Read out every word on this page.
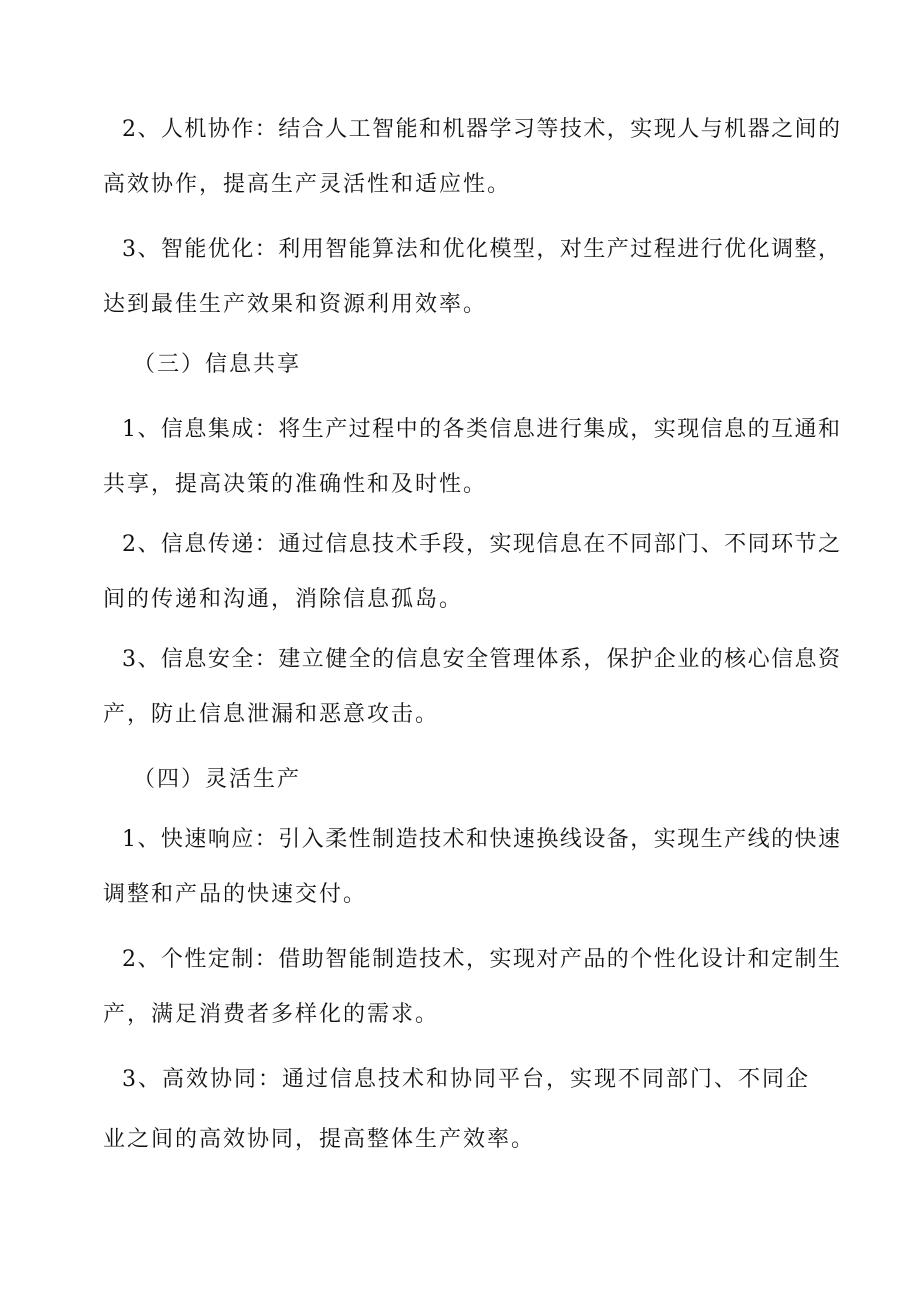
2、人机协作：结合人工智能和机器学习等技术，实现人与机器之间的

高效协作，提高生产灵活性和适应性。

3、智能优化：利用智能算法和优化模型，对生产过程进行优化调整，

达到最佳生产效果和资源利用效率。

（三）信息共享

1、信息集成：将生产过程中的各类信息进行集成，实现信息的互通和

共享，提高决策的准确性和及时性。

2、信息传递：通过信息技术手段，实现信息在不同部门、不同环节之

间的传递和沟通，消除信息孤岛。

3、信息安全：建立健全的信息安全管理体系，保护企业的核心信息资

产，防止信息泄漏和恶意攻击。

（四）灵活生产

1、快速响应：引入柔性制造技术和快速换线设备，实现生产线的快速

调整和产品的快速交付。

2、个性定制：借助智能制造技术，实现对产品的个性化设计和定制生

产，满足消费者多样化的需求。

3、高效协同：通过信息技术和协同平台，实现不同部门、不同企

业之间的高效协同，提高整体生产效率。
